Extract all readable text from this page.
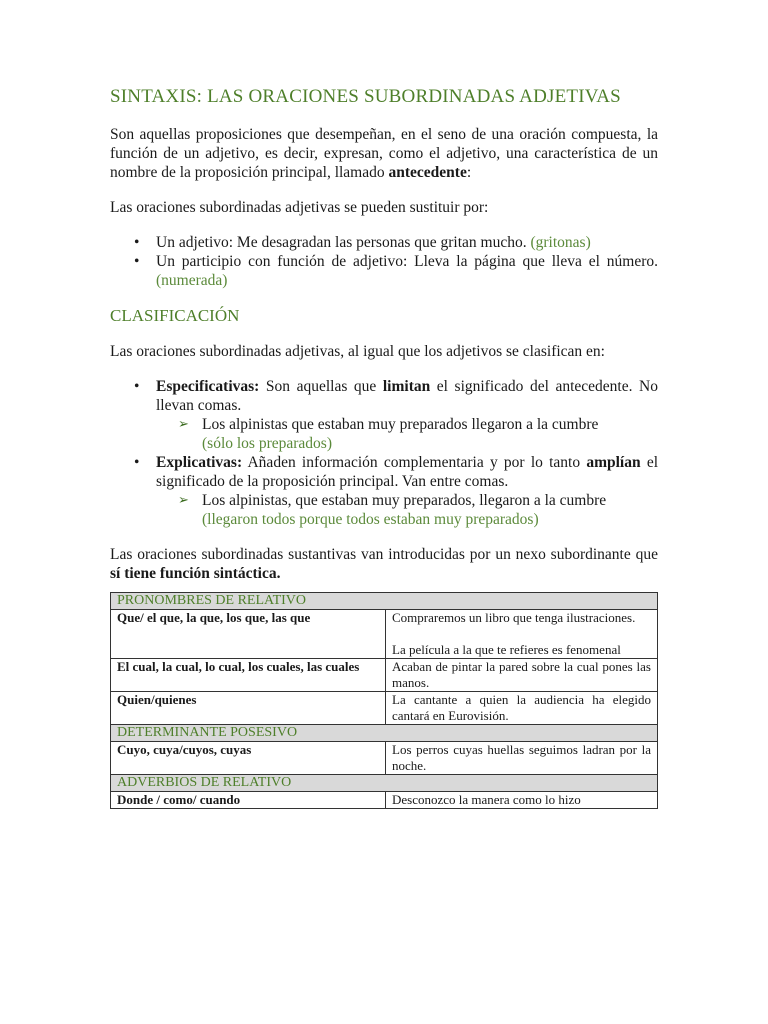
SINTAXIS: LAS ORACIONES SUBORDINADAS ADJETIVAS

Son aquellas proposiciones que desempeñan, en el seno de una oración compuesta, la función de un adjetivo, es decir, expresan, como el adjetivo, una característica de un nombre de la proposición principal, llamado antecedente:

Las oraciones subordinadas adjetivas se pueden sustituir por:

• Un adjetivo: Me desagradan las personas que gritan mucho. (gritonas)
• Un participio con función de adjetivo: Lleva la página que lleva el número. (numerada)
CLASIFICACIÓN

Las oraciones subordinadas adjetivas, al igual que los adjetivos se clasifican en:

• Especificativas: Son aquellas que limitan el significado del antecedente. No llevan comas.
➢ Los alpinistas que estaban muy preparados llegaron a la cumbre
(sólo los preparados)
• Explicativas: Añaden información complementaria y por lo tanto amplían el significado de la proposición principal. Van entre comas.
➢ Los alpinistas, que estaban muy preparados, llegaron a la cumbre
(llegaron todos porque todos estaban muy preparados)

Las oraciones subordinadas sustantivas van introducidas por un nexo subordinante que sí tiene función sintáctica.

PRONOMBRES DE RELATIVO	
Que/ el que, la que, los que, las que	Compraremos un libro que tenga ilustraciones.
La película a la que te refieres es fenomenal
El cual, la cual, lo cual, los cuales, las cuales	Acaban de pintar la pared sobre la cual pones las manos.
Quien/quienes	La cantante a quien la audiencia ha elegido cantará en Eurovisión.
DETERMINANTE POSESIVO	
Cuyo, cuya/cuyos, cuyas	Los perros cuyas huellas seguimos ladran por la noche.
ADVERBIOS DE RELATIVO	
Donde / como/ cuando	Desconozco la manera como lo hizo
